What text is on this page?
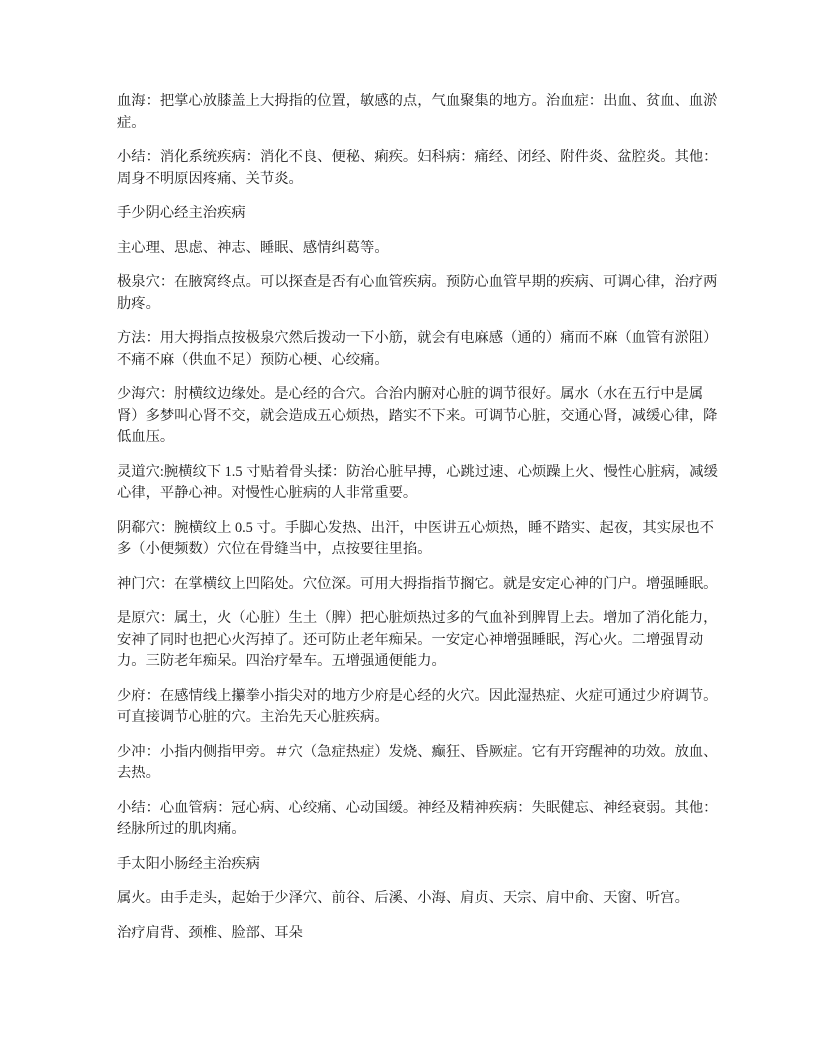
血海：把掌心放膝盖上大拇指的位置，敏感的点，气血聚集的地方。治血症：出血、贫血、血淤症。

小结：消化系统疾病：消化不良、便秘、痢疾。妇科病：痛经、闭经、附件炎、盆腔炎。其他：周身不明原因疼痛、关节炎。

手少阴心经主治疾病

主心理、思虑、神志、睡眠、感情纠葛等。

极泉穴：在腋窝终点。可以探查是否有心血管疾病。预防心血管早期的疾病、可调心律，治疗两肋疼。

方法：用大拇指点按极泉穴然后拨动一下小筋，就会有电麻感（通的）痛而不麻（血管有淤阻）不痛不麻（供血不足）预防心梗、心绞痛。

少海穴：肘横纹边缘处。是心经的合穴。合治内腑对心脏的调节很好。属水（水在五行中是属肾）多梦叫心肾不交，就会造成五心烦热，踏实不下来。可调节心脏，交通心肾，减缓心律，降低血压。

灵道穴:腕横纹下 1.5 寸贴着骨头揉：防治心脏早搏，心跳过速、心烦躁上火、慢性心脏病，减缓心律，平静心神。对慢性心脏病的人非常重要。

阴郗穴：腕横纹上 0.5 寸。手脚心发热、出汗，中医讲五心烦热，睡不踏实、起夜，其实尿也不多（小便频数）穴位在骨缝当中，点按要往里掐。

神门穴：在掌横纹上凹陷处。穴位深。可用大拇指指节搁它。就是安定心神的门户。增强睡眠。

是原穴：属土，火（心脏）生土（脾）把心脏烦热过多的气血补到脾胃上去。增加了消化能力，安神了同时也把心火泻掉了。还可防止老年痴呆。一安定心神增强睡眠，泻心火。二增强胃动力。三防老年痴呆。四治疗晕车。五增强通便能力。

少府：在感情线上攥拳小指尖对的地方少府是心经的火穴。因此湿热症、火症可通过少府调节。可直接调节心脏的穴。主治先天心脏疾病。

少冲：小指内侧指甲旁。＃穴（急症热症）发烧、癫狂、昏厥症。它有开窍醒神的功效。放血、去热。

小结：心血管病：冠心病、心绞痛、心动国缓。神经及精神疾病：失眠健忘、神经衰弱。其他：经脉所过的肌肉痛。

手太阳小肠经主治疾病

属火。由手走头，起始于少泽穴、前谷、后溪、小海、肩贞、天宗、肩中俞、天窗、听宫。

治疗肩背、颈椎、脸部、耳朵
